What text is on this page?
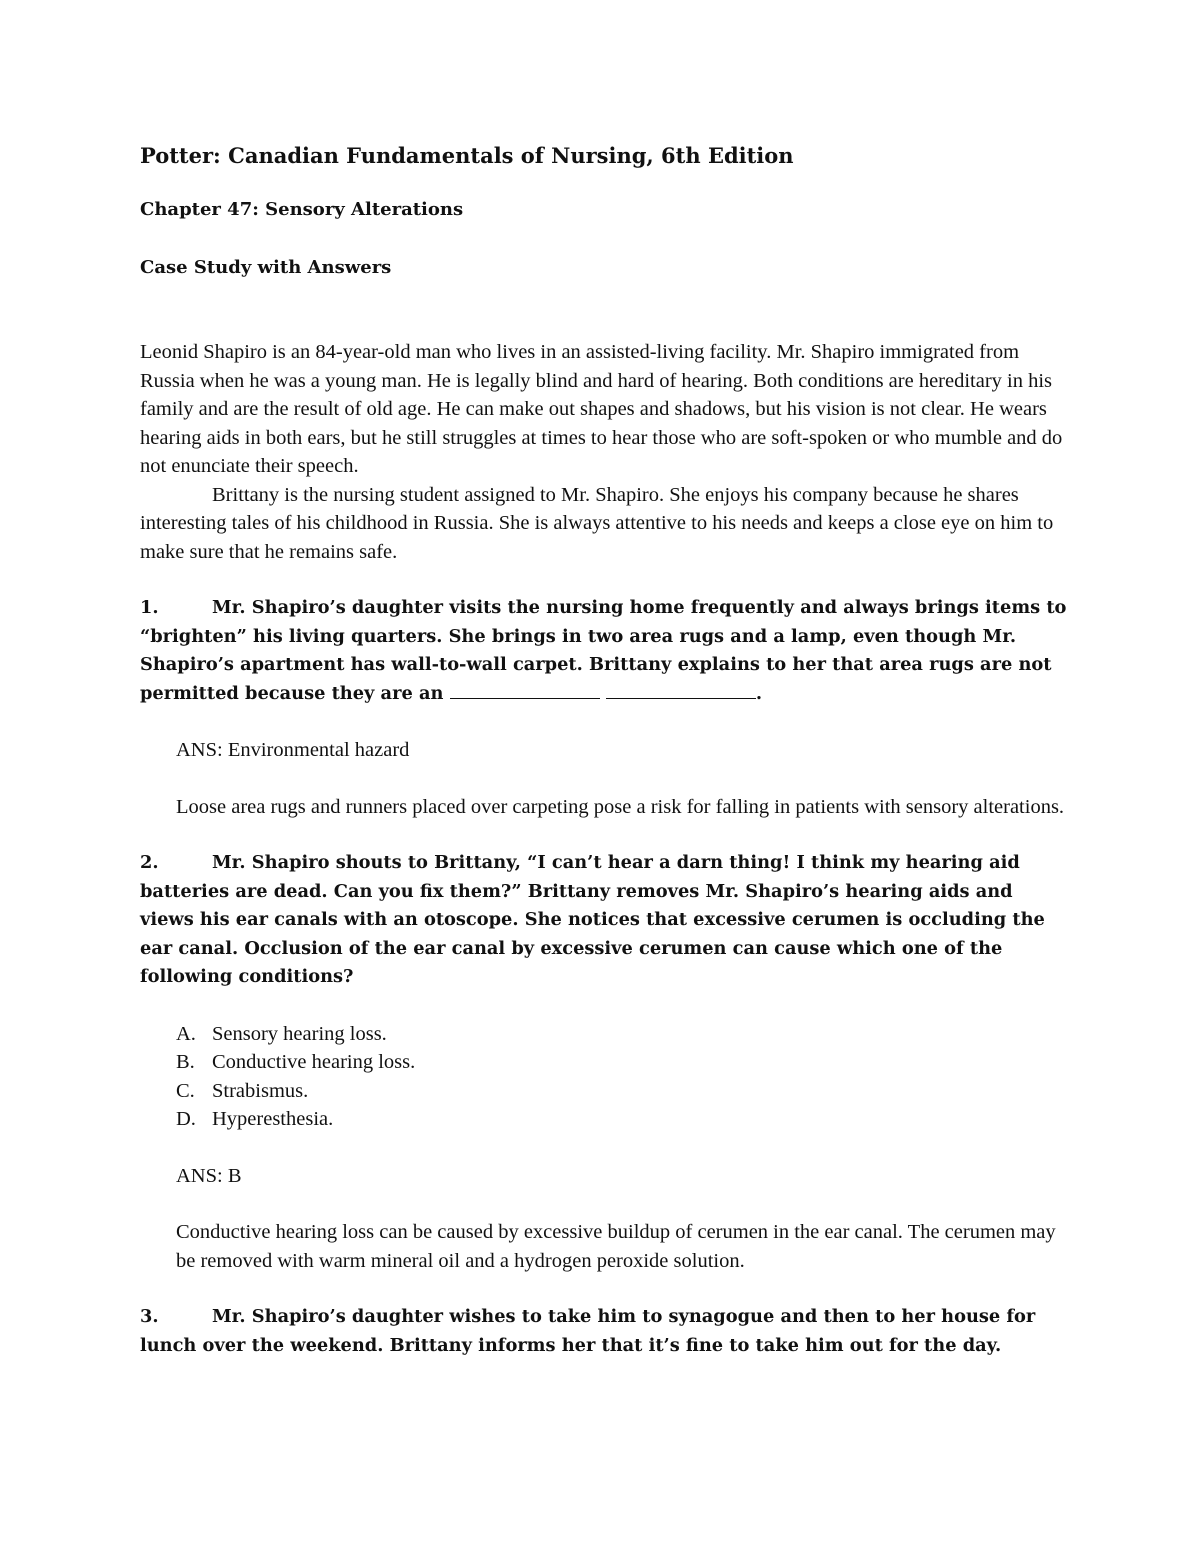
Potter: Canadian Fundamentals of Nursing, 6th Edition

Chapter 47: Sensory Alterations

Case Study with Answers

Leonid Shapiro is an 84-year-old man who lives in an assisted-living facility. Mr. Shapiro immigrated from Russia when he was a young man. He is legally blind and hard of hearing. Both conditions are hereditary in his family and are the result of old age. He can make out shapes and shadows, but his vision is not clear. He wears hearing aids in both ears, but he still struggles at times to hear those who are soft-spoken or who mumble and do not enunciate their speech.

Brittany is the nursing student assigned to Mr. Shapiro. She enjoys his company because he shares interesting tales of his childhood in Russia. She is always attentive to his needs and keeps a close eye on him to make sure that he remains safe.

1.	Mr. Shapiro’s daughter visits the nursing home frequently and always brings items to “brighten” his living quarters. She brings in two area rugs and a lamp, even though Mr. Shapiro’s apartment has wall-to-wall carpet. Brittany explains to her that area rugs are not permitted because they are an	.

ANS: Environmental hazard

Loose area rugs and runners placed over carpeting pose a risk for falling in patients with sensory alterations.

2.	Mr. Shapiro shouts to Brittany, “I can’t hear a darn thing! I think my hearing aid batteries are dead. Can you fix them?” Brittany removes Mr. Shapiro’s hearing aids and views his ear canals with an otoscope. She notices that excessive cerumen is occluding the ear canal. Occlusion of the ear canal by excessive cerumen can cause which one of the following conditions?

A. Sensory hearing loss.
B. Conductive hearing loss.
C. Strabismus.
D. Hyperesthesia.

ANS: B

Conductive hearing loss can be caused by excessive buildup of cerumen in the ear canal. The cerumen may be removed with warm mineral oil and a hydrogen peroxide solution.

3.	Mr. Shapiro’s daughter wishes to take him to synagogue and then to her house for lunch over the weekend. Brittany informs her that it’s fine to take him out for the day.
